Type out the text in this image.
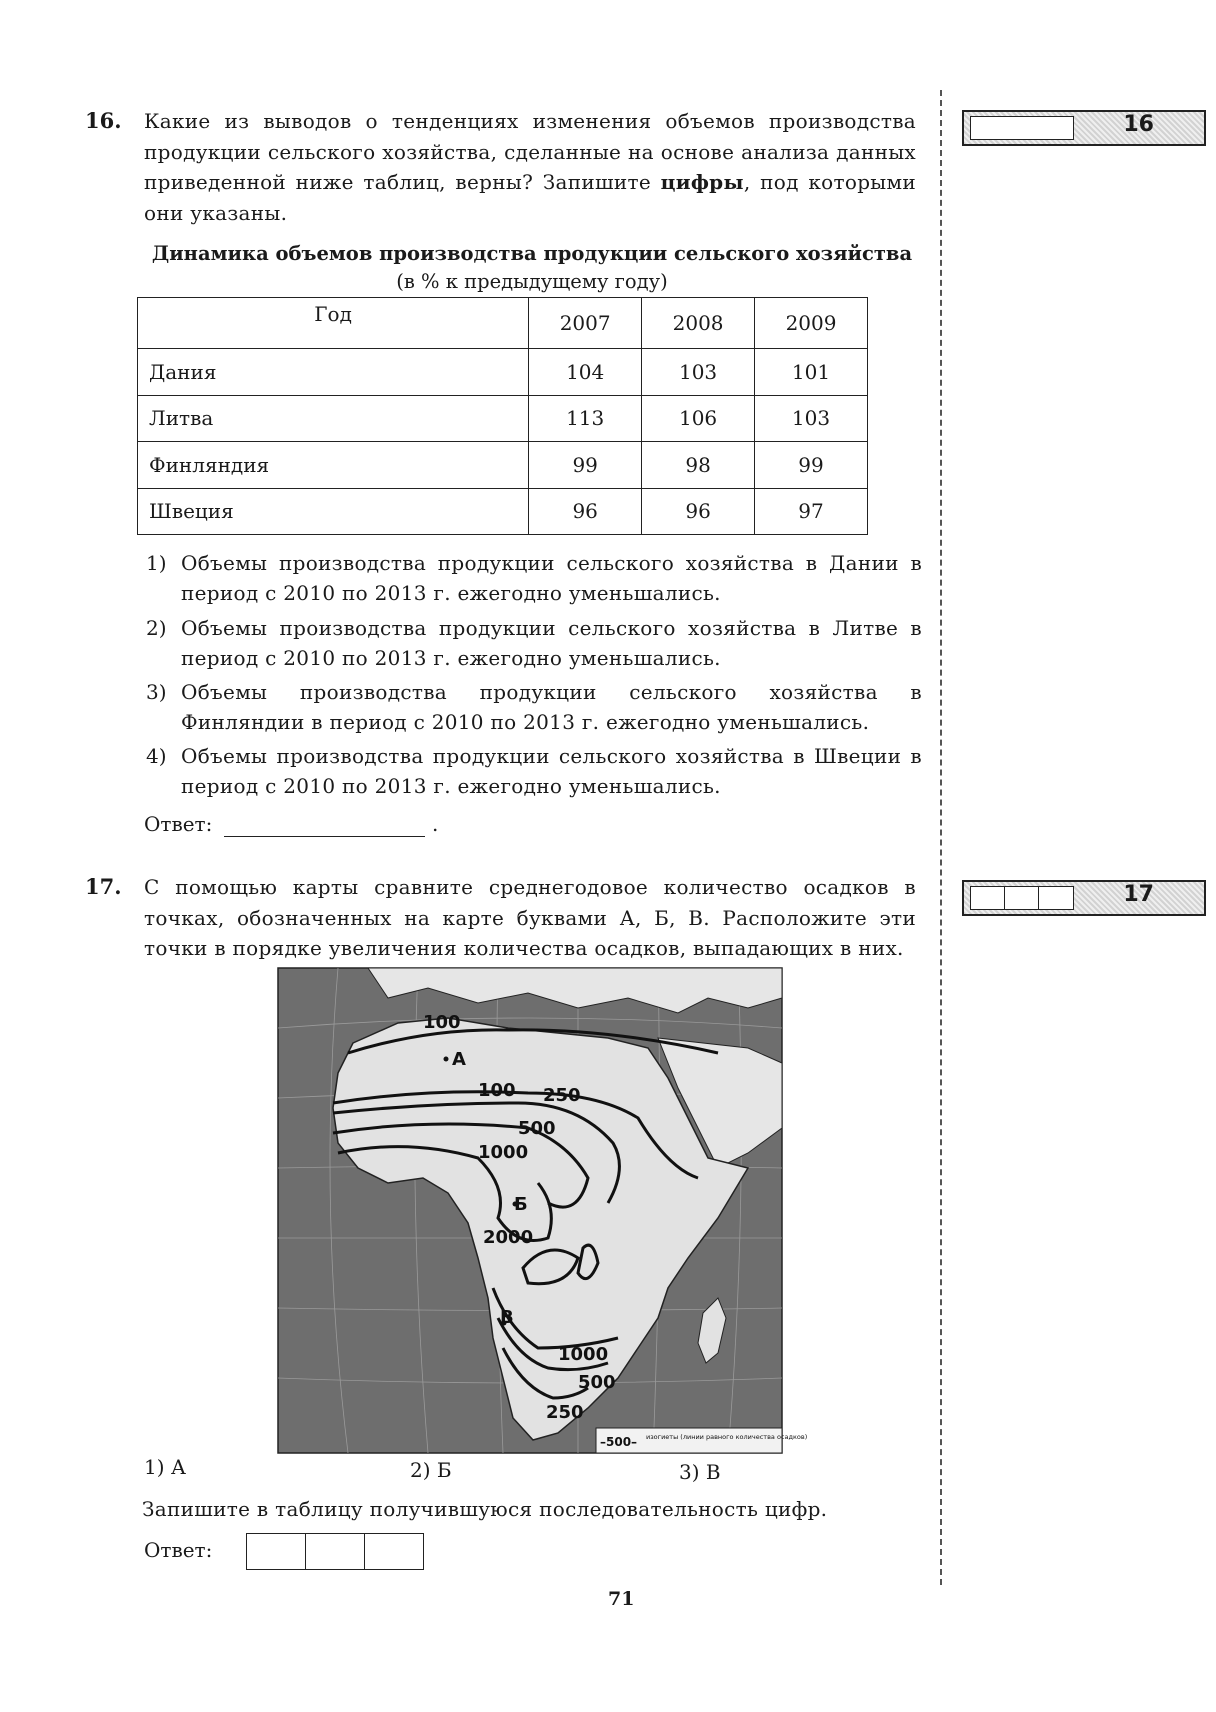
16. Какие из выводов о тенденциях изменения объемов производства продукции сельского хозяйства, сделанные на основе анализа данных приведенной ниже таблиц, верны? Запишите цифры, под которыми они указаны.
16
Динамика объемов производства продукции сельского хозяйства
(в % к предыдущему году)
Год	2007	2008	2009
Дания	104	103	101
Литва	113	106	103
Финляндия	99	98	99
Швеция	96	96	97
1) Объемы производства продукции сельского хозяйства в Дании в период с 2010 по 2013 г. ежегодно уменьшались.
2) Объемы производства продукции сельского хозяйства в Литве в период с 2010 по 2013 г. ежегодно уменьшались.
3) Объемы производства продукции сельского хозяйства в Финляндии в период с 2010 по 2013 г. ежегодно уменьшались.
4) Объемы производства продукции сельского хозяйства в Швеции в период с 2010 по 2013 г. ежегодно уменьшались.
Ответ:	.
17. С помощью карты сравните среднегодовое количество осадков в точках, обозначенных на карте буквами А, Б, В. Расположите эти точки в порядке увеличения количества осадков, выпадающих в них.
17
100
100 250
500
1000
2000
1000
500
250
А
Б
В
–500– изогиеты (линии равного количества осадков)
1) А	2) Б	3) В
Запишите в таблицу получившуюся последовательность цифр.
Ответ:
71
